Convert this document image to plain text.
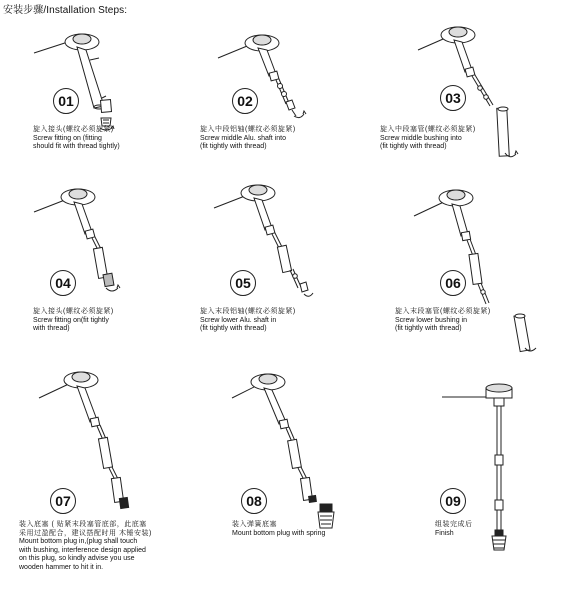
安装步骤/Installation Steps:
01
旋入接头(螺纹必须旋紧)
Screw fitting on (fitting
should fit with thread tightly)
02
旋入中段铝轴(螺纹必须旋紧)
Screw middle Alu. shaft into
(fit tightly with thread)
03
旋入中段塞管(螺纹必须旋紧)
Screw middle bushing into
(fit tightly with thread)
04
旋入接头(螺纹必须旋紧)
Screw fitting on(fit tightly
with thread)
05
旋入末段铝轴(螺纹必须旋紧)
Screw lower Alu. shaft in
(fit tightly with thread)
06
旋入末段塞管(螺纹必须旋紧)
Screw lower bushing in
(fit tightly with thread)
07
装入底塞 ( 贴紧末段塞管底部，此底塞
采用过盈配合，建议搭配时用 木锤安装)
Mount bottom plug in,(plug shall touch
with bushing, interference design applied
on this plug, so kindly advise you use
wooden hammer to hit it in.
08
装入弹簧底塞
Mount bottom plug with spring
09
组装完成后
Finish
